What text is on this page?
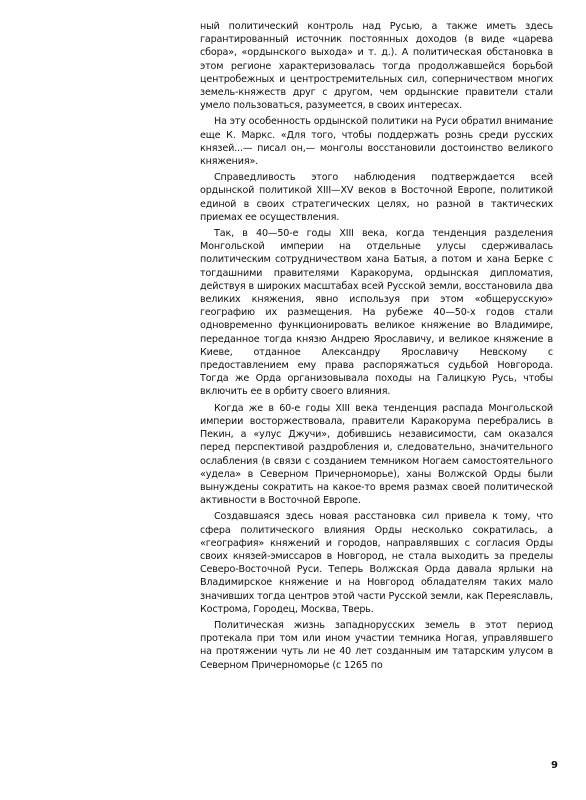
ный политический контроль над Русью, а также иметь здесь гарантированный источник постоянных доходов (в виде «царева сбора», «ордынского выхода» и т. д.). А политическая обстановка в этом регионе характеризовалась тогда продолжавшейся борьбой центробежных и центростремительных сил, соперничеством многих земель-княжеств друг с другом, чем ордынские правители стали умело пользоваться, разумеется, в своих интересах.

На эту особенность ордынской политики на Руси обратил внимание еще К. Маркс. «Для того, чтобы поддержать рознь среди русских князей...— писал он,— монголы восстановили достоинство великого княжения».

Справедливость этого наблюдения подтверждается всей ордынской политикой XIII—XV веков в Восточной Европе, политикой единой в своих стратегических целях, но разной в тактических приемах ее осуществления.

Так, в 40—50-е годы XIII века, когда тенденция разделения Монгольской империи на отдельные улусы сдерживалась политическим сотрудничеством хана Батыя, а потом и хана Берке с тогдашними правителями Каракорума, ордынская дипломатия, действуя в широких масштабах всей Русской земли, восстановила два великих княжения, явно используя при этом «общерусскую» географию их размещения. На рубеже 40—50-х годов стали одновременно функционировать великое княжение во Владимире, переданное тогда князю Андрею Ярославичу, и великое княжение в Киеве, отданное Александру Ярославичу Невскому с предоставлением ему права распоряжаться судьбой Новгорода. Тогда же Орда организовывала походы на Галицкую Русь, чтобы включить ее в орбиту своего влияния.

Когда же в 60-е годы XIII века тенденция распада Монгольской империи восторжествовала, правители Каракорума перебрались в Пекин, а «улус Джучи», добившись независимости, сам оказался перед перспективой раздробления и, следовательно, значительного ослабления (в связи с созданием темником Ногаем самостоятельного «удела» в Северном Причерноморье), ханы Волжской Орды были вынуждены сократить на какое-то время размах своей политической активности в Восточной Европе.

Создавшаяся здесь новая расстановка сил привела к тому, что сфера политического влияния Орды несколько сократилась, а «география» княжений и городов, направлявших с согласия Орды своих князей-эмиссаров в Новгород, не стала выходить за пределы Северо-Восточной Руси. Теперь Волжская Орда давала ярлыки на Владимирское княжение и на Новгород обладателям таких мало значивших тогда центров этой части Русской земли, как Переяславль, Кострома, Городец, Москва, Тверь.

Политическая жизнь западнорусских земель в этот период протекала при том или ином участии темника Ногая, управлявшего на протяжении чуть ли не 40 лет созданным им татарским улусом в Северном Причерноморье (с 1265 по

9
